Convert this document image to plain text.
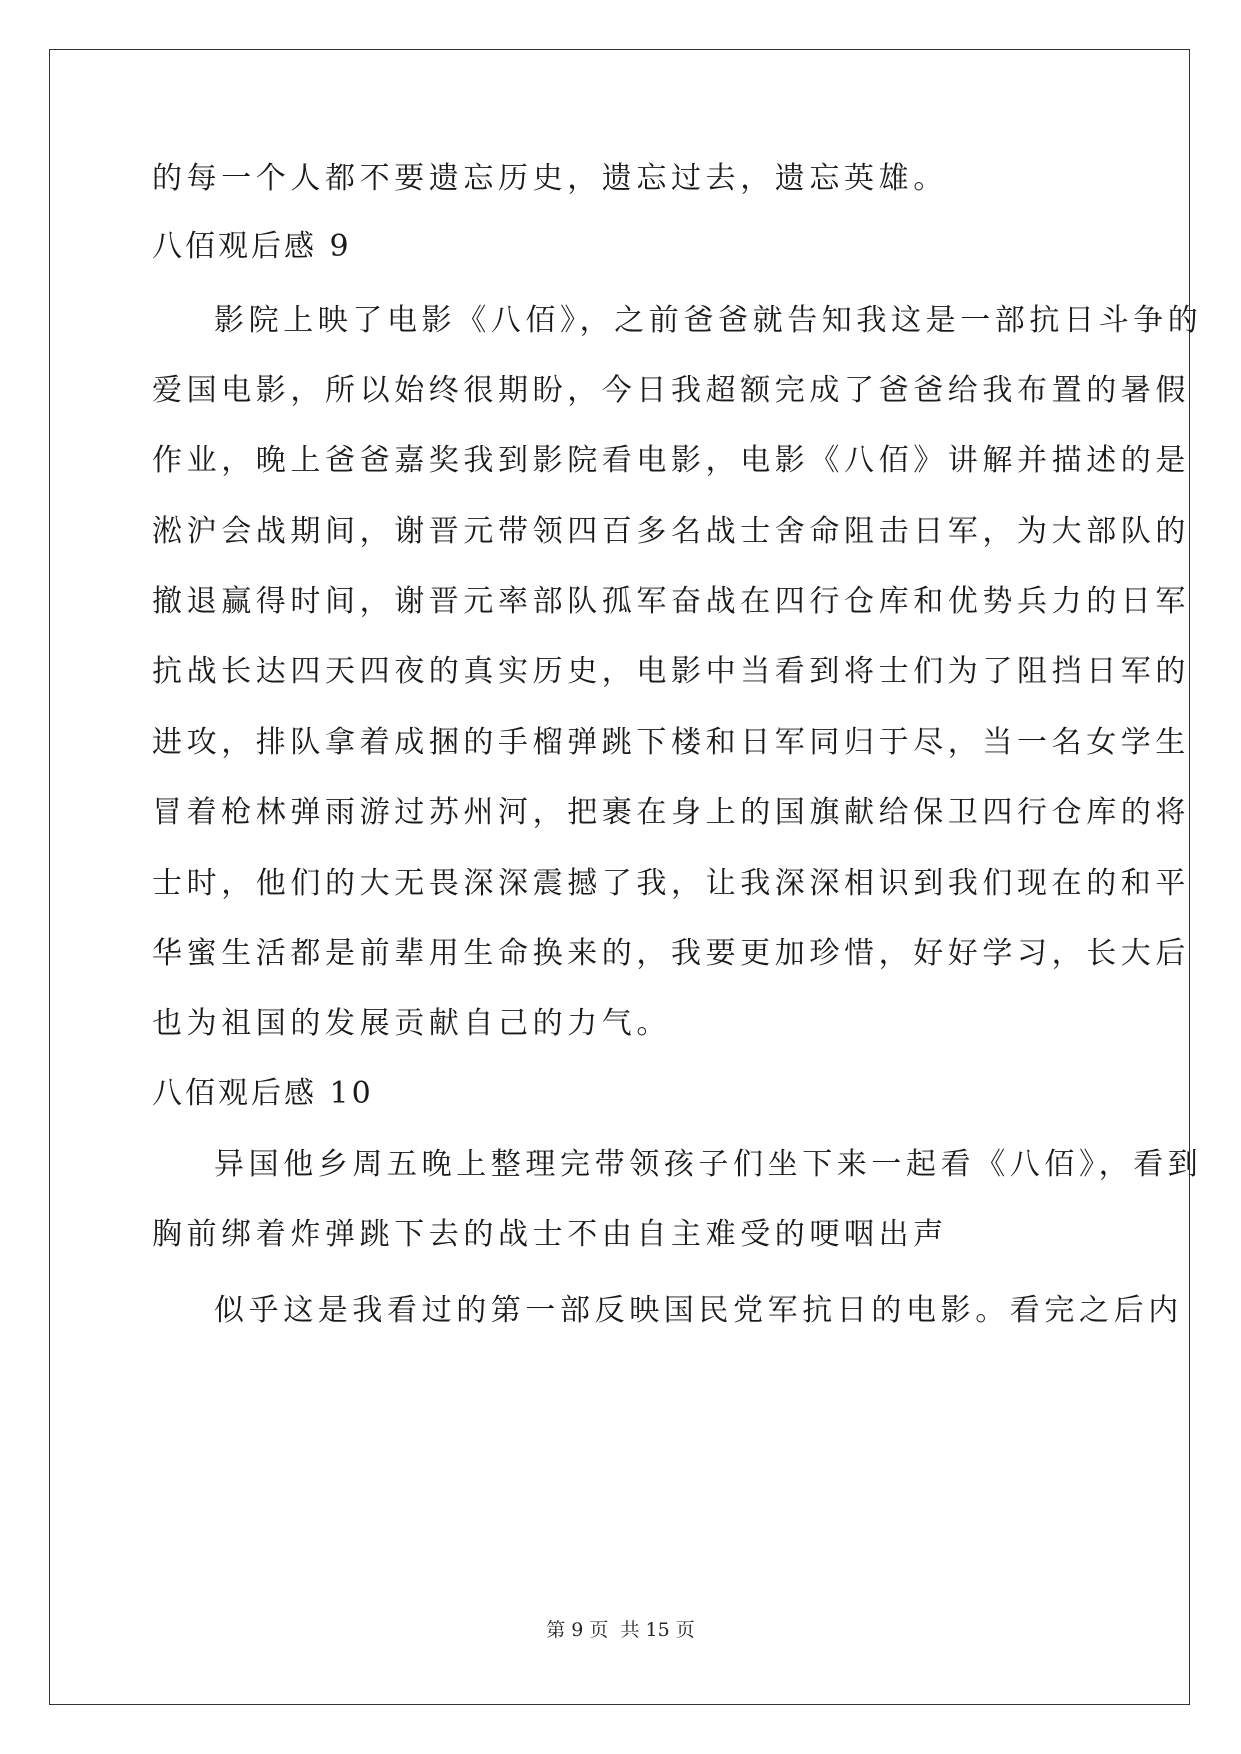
的每一个人都不要遗忘历史，遗忘过去，遗忘英雄。
八佰观后感 9
影院上映了电影《八佰》，之前爸爸就告知我这是一部抗日斗争的
爱国电影，所以始终很期盼，今日我超额完成了爸爸给我布置的暑假
作业，晚上爸爸嘉奖我到影院看电影，电影《八佰》讲解并描述的是
淞沪会战期间，谢晋元带领四百多名战士舍命阻击日军，为大部队的
撤退赢得时间，谢晋元率部队孤军奋战在四行仓库和优势兵力的日军
抗战长达四天四夜的真实历史，电影中当看到将士们为了阻挡日军的
进攻，排队拿着成捆的手榴弹跳下楼和日军同归于尽，当一名女学生
冒着枪林弹雨游过苏州河，把裹在身上的国旗献给保卫四行仓库的将
士时，他们的大无畏深深震撼了我，让我深深相识到我们现在的和平
华蜜生活都是前辈用生命换来的，我要更加珍惜，好好学习，长大后
也为祖国的发展贡献自己的力气。
八佰观后感 10
异国他乡周五晚上整理完带领孩子们坐下来一起看《八佰》，看到
胸前绑着炸弹跳下去的战士不由自主难受的哽咽出声
似乎这是我看过的第一部反映国民党军抗日的电影。看完之后内
第 9 页 共 15 页
